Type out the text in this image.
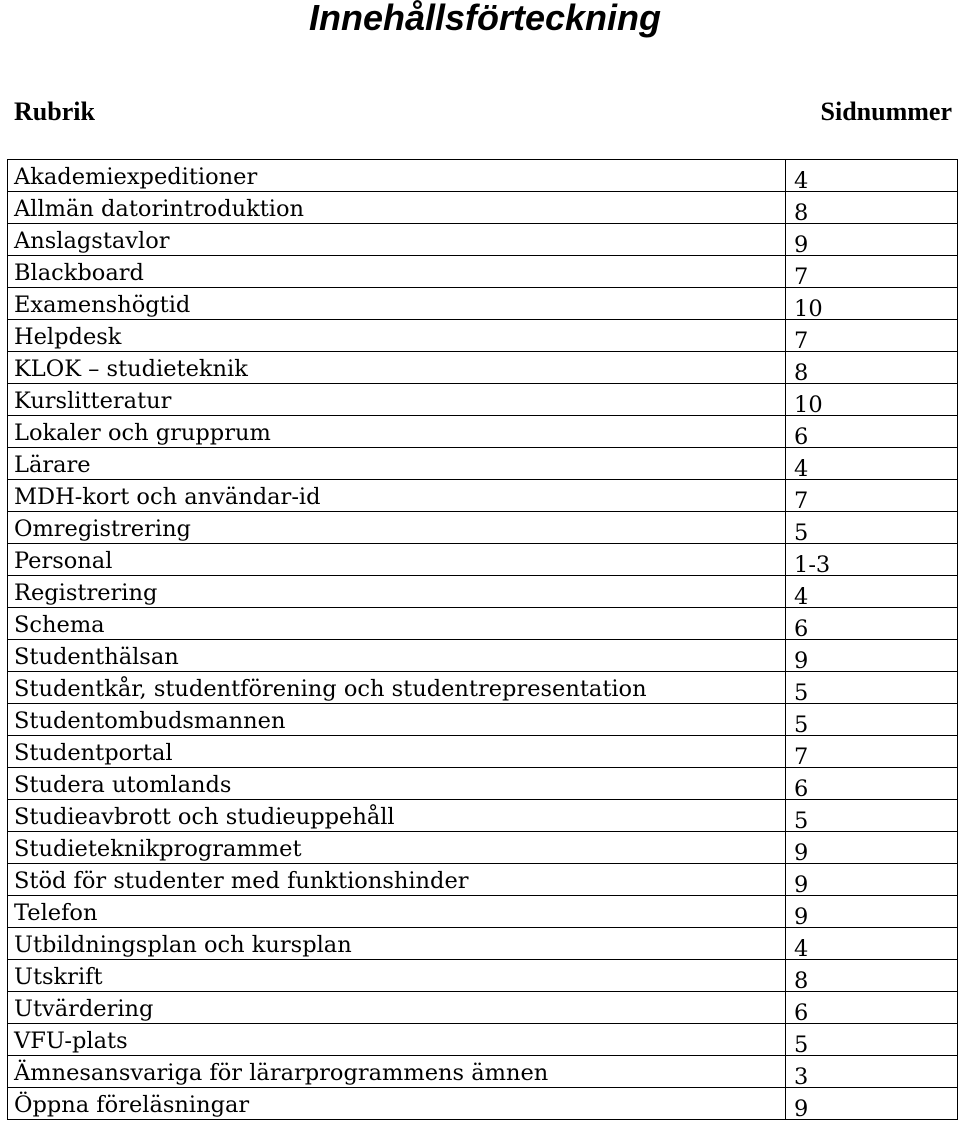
Innehållsförteckning
Rubrik	Sidnummer
Akademiexpeditioner	4
Allmän datorintroduktion	8
Anslagstavlor	9
Blackboard	7
Examenshögtid	10
Helpdesk	7
KLOK – studieteknik	8
Kurslitteratur	10
Lokaler och grupprum	6
Lärare	4
MDH-kort och användar-id	7
Omregistrering	5
Personal	1-3
Registrering	4
Schema	6
Studenthälsan	9
Studentkår, studentförening och studentrepresentation	5
Studentombudsmannen	5
Studentportal	7
Studera utomlands	6
Studieavbrott och studieuppehåll	5
Studieteknikprogrammet	9
Stöd för studenter med funktionshinder	9
Telefon	9
Utbildningsplan och kursplan	4
Utskrift	8
Utvärdering	6
VFU-plats	5
Ämnesansvariga för lärarprogrammens ämnen	3
Öppna föreläsningar	9
